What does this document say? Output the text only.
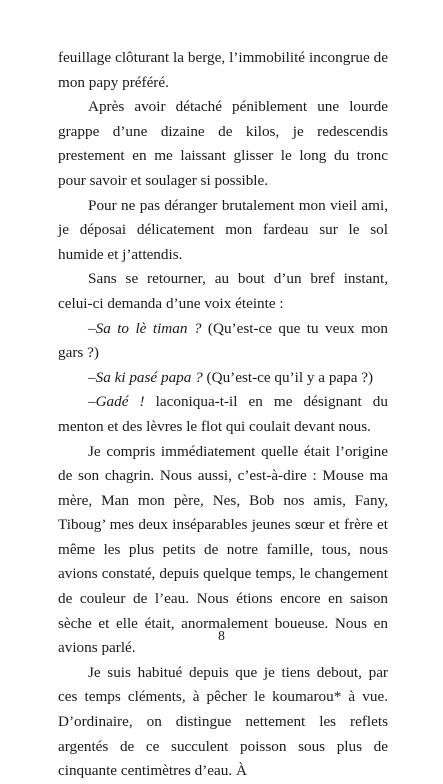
feuillage clôturant la berge, l’immobilité incongrue de mon papy préféré.

Après avoir détaché péniblement une lourde grappe d’une dizaine de kilos, je redescendis prestement en me laissant glisser le long du tronc pour savoir et soulager si possible.

Pour ne pas déranger brutalement mon vieil ami, je déposai délicatement mon fardeau sur le sol humide et j’attendis.

Sans se retourner, au bout d’un bref instant, celui-ci demanda d’une voix éteinte :

–Sa to lè timan ? (Qu’est-ce que tu veux mon gars ?)

–Sa ki pasé papa ? (Qu’est-ce qu’il y a papa ?)

–Gadé ! laconiqua-t-il en me désignant du menton et des lèvres le flot qui coulait devant nous.

Je compris immédiatement quelle était l’origine de son chagrin. Nous aussi, c’est-à-dire : Mouse ma mère, Man mon père, Nes, Bob nos amis, Fany, Tiboug’ mes deux inséparables jeunes sœur et frère et même les plus petits de notre famille, tous, nous avions constaté, depuis quelque temps, le changement de couleur de l’eau. Nous étions encore en saison sèche et elle était, anormalement boueuse. Nous en avions parlé.

Je suis habitué depuis que je tiens debout, par ces temps cléments, à pêcher le koumarou* à vue. D’ordinaire, on distingue nettement les reflets argentés de ce succulent poisson sous plus de cinquante centimètres d’eau. À

8
